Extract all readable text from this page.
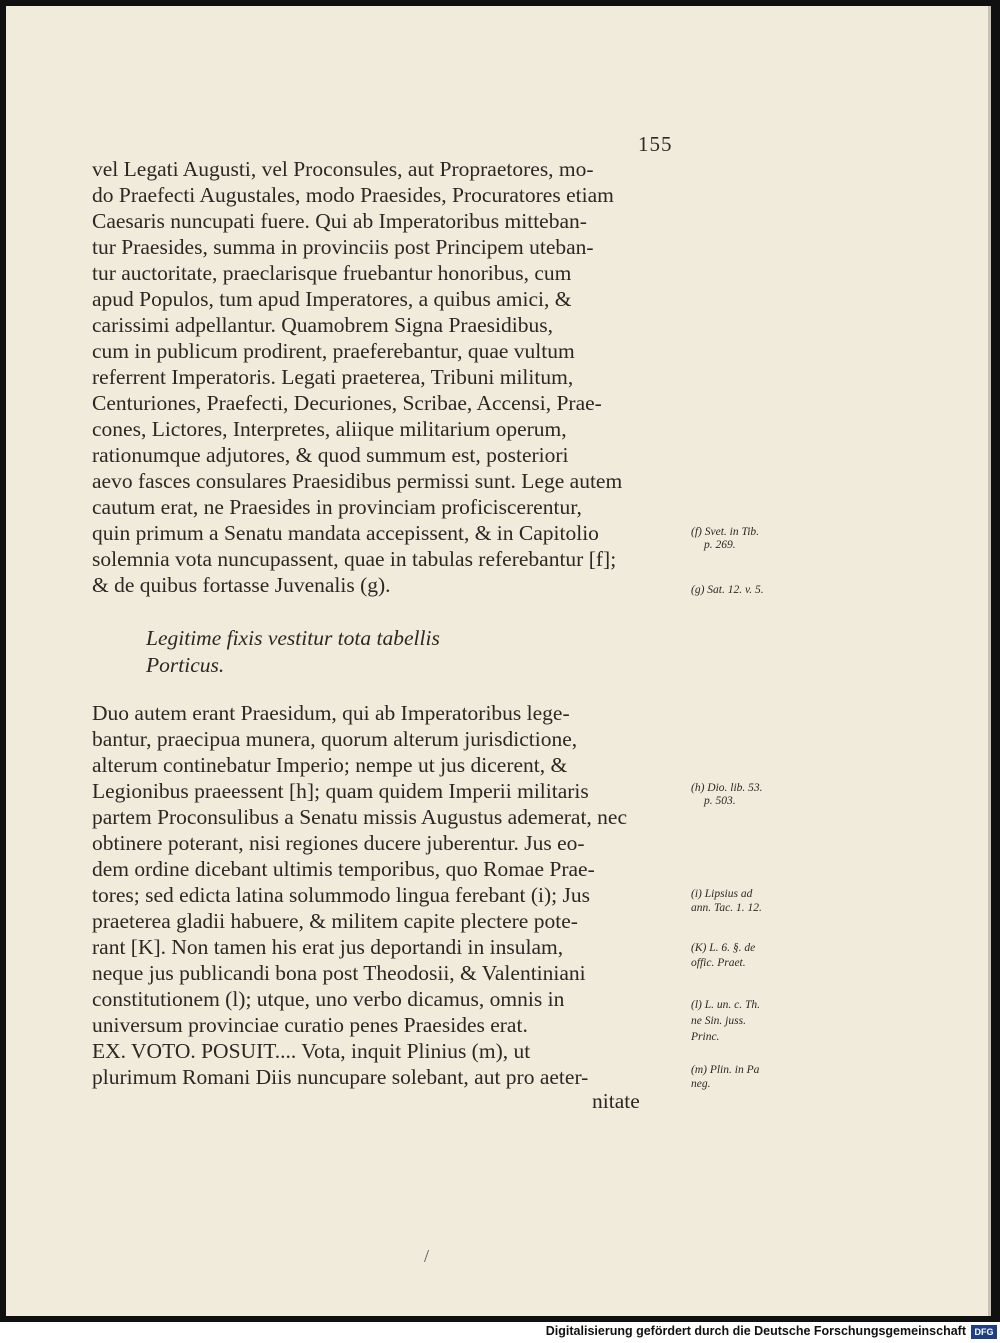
155
vel Legati Augusti, vel Proconsules, aut Propraetores, mo-
do Praefecti Augustales, modo Praesides, Procuratores etiam
Caesaris nuncupati fuere. Qui ab Imperatoribus mitteban-
tur Praesides, summa in provinciis post Principem uteban-
tur auctoritate, praeclarisque fruebantur honoribus, cum
apud Populos, tum apud Imperatores, a quibus amici, &
carissimi adpellantur. Quamobrem Signa Praesidibus,
cum in publicum prodirent, praeferebantur, quae vultum
referrent Imperatoris. Legati praeterea, Tribuni militum,
Centuriones, Praefecti, Decuriones, Scribae, Accensi, Prae-
cones, Lictores, Interpretes, aliique militarium operum,
rationumque adjutores, & quod summum est, posteriori
aevo fasces consulares Praesidibus permissi sunt. Lege autem
cautum erat, ne Praesides in provinciam proficiscerentur,
quin primum a Senatu mandata accepissent, & in Capitolio
solemnia vota nuncupassent, quae in tabulas referebantur [f];
& de quibus fortasse Juvenalis (g).
Legitime fixis vestitur tota tabellis
Porticus.
Duo autem erant Praesidum, qui ab Imperatoribus lege-
bantur, praecipua munera, quorum alterum jurisdictione,
alterum continebatur Imperio; nempe ut jus dicerent, &
Legionibus praeessent [h]; quam quidem Imperii militaris
partem Proconsulibus a Senatu missis Augustus ademerat, nec
obtinere poterant, nisi regiones ducere juberentur. Jus eo-
dem ordine dicebant ultimis temporibus, quo Romae Prae-
tores; sed edicta latina solummodo lingua ferebant (i); Jus
praeterea gladii habuere, & militem capite plectere pote-
rant [K]. Non tamen his erat jus deportandi in insulam,
neque jus publicandi bona post Theodosii, & Valentiniani
constitutionem (l); utque, uno verbo dicamus, omnis in
universum provinciae curatio penes Praesides erat.
EX. VOTO. POSUIT.... Vota, inquit Plinius (m), ut
plurimum Romani Diis nuncupare solebant, aut pro aeter-
nitate
(f) Svet. in Tib.
p. 269.
(g) Sat. 12. v. 5.
(h) Dio. lib. 53.
p. 503.
(i) Lipsius ad
ann. Tac. 1. 12.
(K) L. 6. §. de
offic. Praet.
(l) L. un. c. Th.
ne Sin. juss.
Princ.
(m) Plin. in Pa
neg.
/
Digitalisierung gefördert durch die Deutsche Forschungsgemeinschaft DFG
